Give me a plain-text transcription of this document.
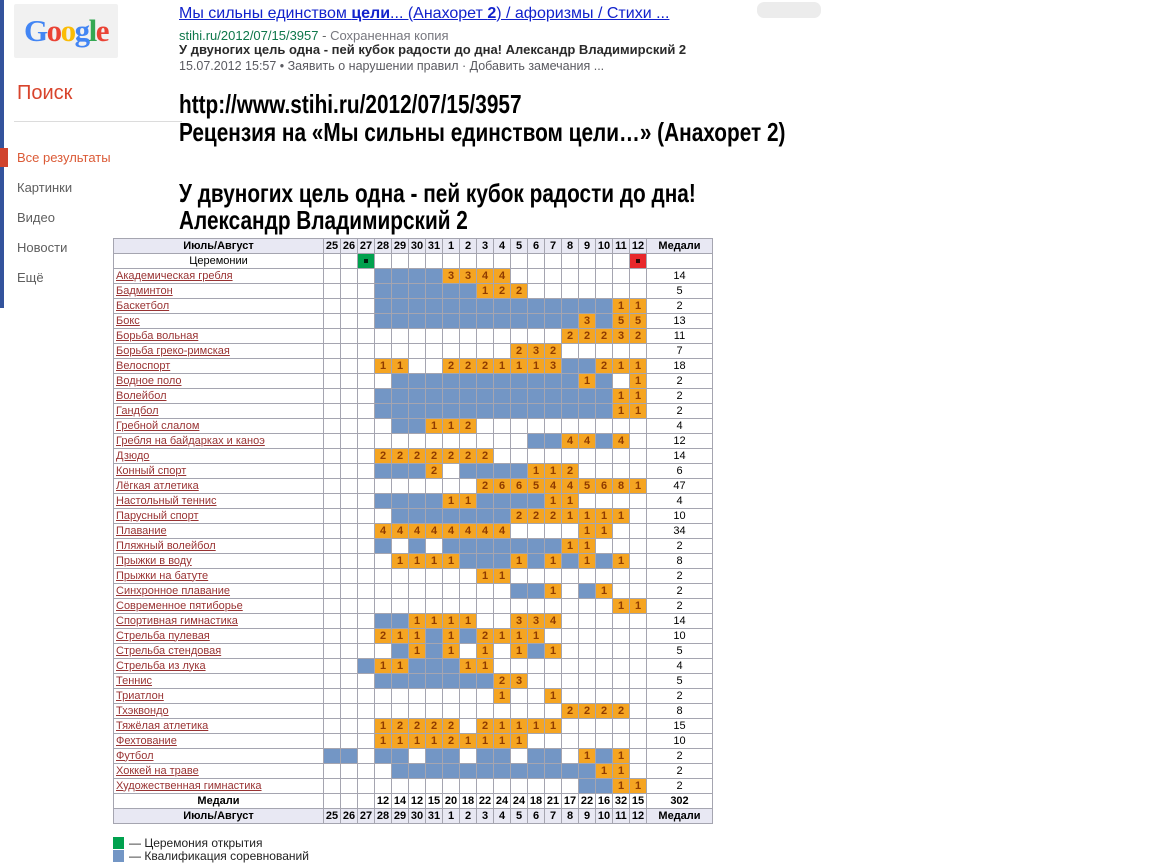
Google
Поиск
Все результаты
Картинки
Видео
Новости
Ещё
Мы сильны единством цели... (Анахорет 2) / афоризмы / Стихи ...
stihi.ru/2012/07/15/3957 - Сохраненная копия
У двуногих цель одна - пей кубок радости до дна! Александр Владимирский 2
15.07.2012 15:57 • Заявить о нарушении правил · Добавить замечания ...
http://www.stihi.ru/2012/07/15/3957
Рецензия на «Мы сильны единством цели…» (Анахорет 2)
У двуногих цель одна - пей кубок радости до дна!
Александр Владимирский 2
Июль/Август	25	26	27	28	29	30	31	1	2	3	4	5	6	7	8	9	10	11	12	Медали
Церемонии																				
Академическая гребля								3	3	4	4									14
Бадминтон										1	2	2								5
Баскетбол																		1	1	2
Бокс																3		5	5	13
Борьба вольная															2	2	2	3	2	11
Борьба греко-римская												2	3	2						7
Велоспорт				1	1			2	2	2	1	1	1	3			2	1	1	18
Водное поло																1			1	2
Волейбол																		1	1	2
Гандбол																		1	1	2
Гребной слалом							1	1	2											4
Гребля на байдарках и каноэ															4	4		4		12
Дзюдо				2	2	2	2	2	2	2										14
Конный спорт							2						1	1	2					6
Лёгкая атлетика										2	6	6	5	4	4	5	6	8	1	47
Настольный теннис								1	1					1	1					4
Парусный спорт												2	2	2	1	1	1	1		10
Плавание				4	4	4	4	4	4	4	4					1	1			34
Пляжный волейбол															1	1				2
Прыжки в воду					1	1	1	1				1		1		1		1		8
Прыжки на батуте										1	1									2
Синхронное плавание														1			1			2
Современное пятиборье																		1	1	2
Спортивная гимнастика						1	1	1	1			3	3	4						14
Стрельба пулевая				2	1	1		1		2	1	1	1							10
Стрельба стендовая						1		1		1		1		1						5
Стрельба из лука				1	1				1	1										4
Теннис											2	3								5
Триатлон											1			1						2
Тхэквондо															2	2	2	2		8
Тяжёлая атлетика				1	2	2	2	2		2	1	1	1	1						15
Фехтование				1	1	1	1	2	1	1	1	1								10
Футбол																1		1		2
Хоккей на траве																	1	1		2
Художественная гимнастика																		1	1	2
Медали				12	14	12	15	20	18	22	24	24	18	21	17	22	16	32	15	302
Июль/Август	25	26	27	28	29	30	31	1	2	3	4	5	6	7	8	9	10	11	12	Медали
— Церемония открытия
— Квалификация соревнований
